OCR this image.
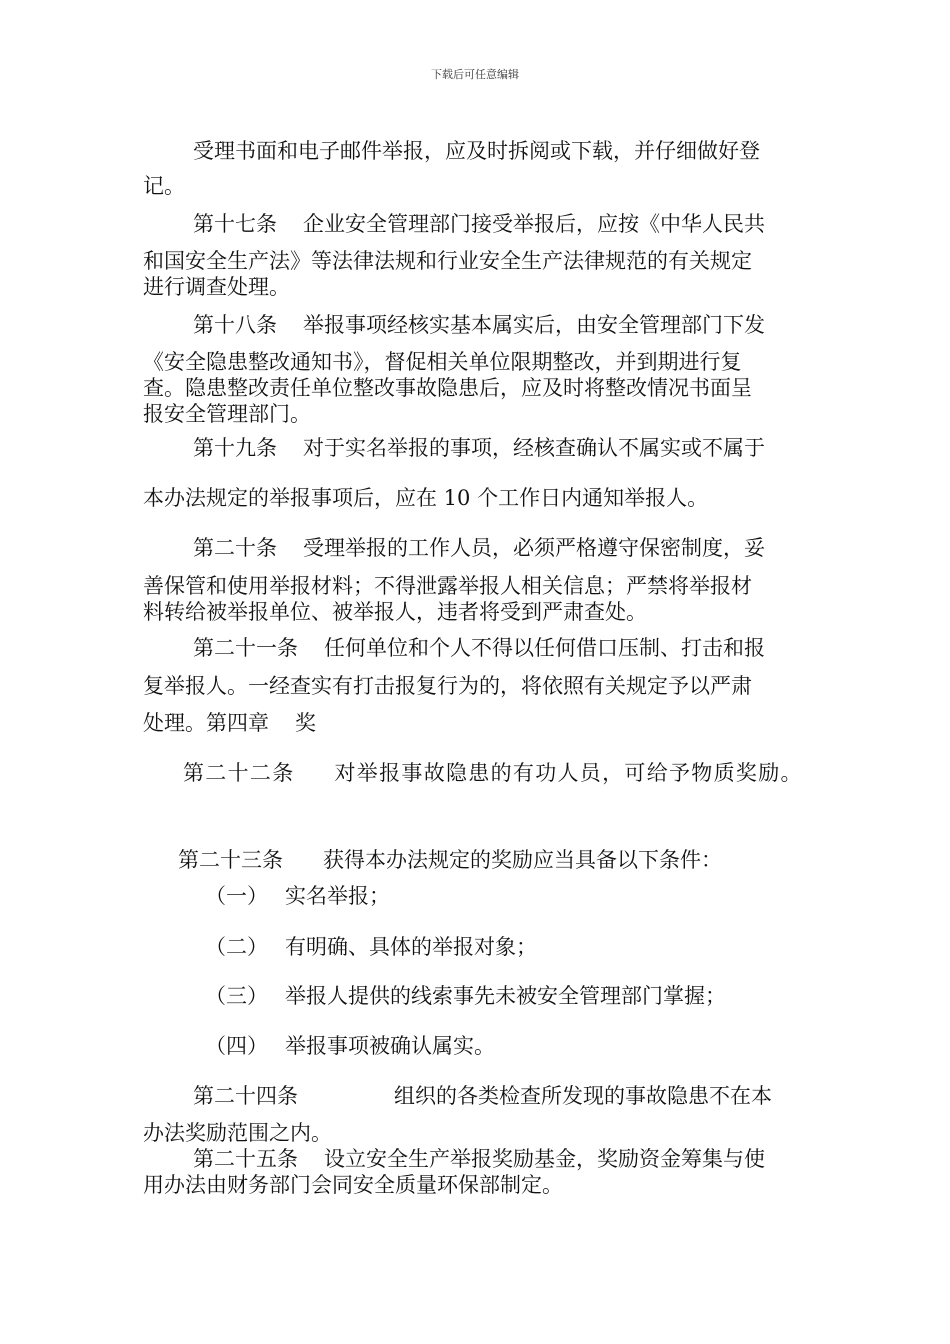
下载后可任意编辑
受理书面和电子邮件举报，应及时拆阅或下载，并仔细做好登
记。
第十七条 企业安全管理部门接受举报后，应按《中华人民共
和国安全生产法》等法律法规和行业安全生产法律规范的有关规定
进行调查处理。
第十八条 举报事项经核实基本属实后，由安全管理部门下发
《安全隐患整改通知书》，督促相关单位限期整改，并到期进行复
查。隐患整改责任单位整改事故隐患后，应及时将整改情况书面呈
报安全管理部门。
第十九条 对于实名举报的事项，经核查确认不属实或不属于
本办法规定的举报事项后，应在 10 个工作日内通知举报人。
第二十条 受理举报的工作人员，必须严格遵守保密制度，妥
善保管和使用举报材料；不得泄露举报人相关信息；严禁将举报材
料转给被举报单位、被举报人，违者将受到严肃查处。
第二十一条 任何单位和个人不得以任何借口压制、打击和报
复举报人。一经查实有打击报复行为的，将依照有关规定予以严肃
处理。第四章 奖
第二十二条 对举报事故隐患的有功人员，可给予物质奖励。
第二十三条 获得本办法规定的奖励应当具备以下条件：
（一） 实名举报；
（二） 有明确、具体的举报对象；
（三） 举报人提供的线索事先未被安全管理部门掌握；
（四） 举报事项被确认属实。
第二十四条	组织的各类检查所发现的事故隐患不在本
办法奖励范围之内。
第二十五条 设立安全生产举报奖励基金，奖励资金筹集与使
用办法由财务部门会同安全质量环保部制定。
